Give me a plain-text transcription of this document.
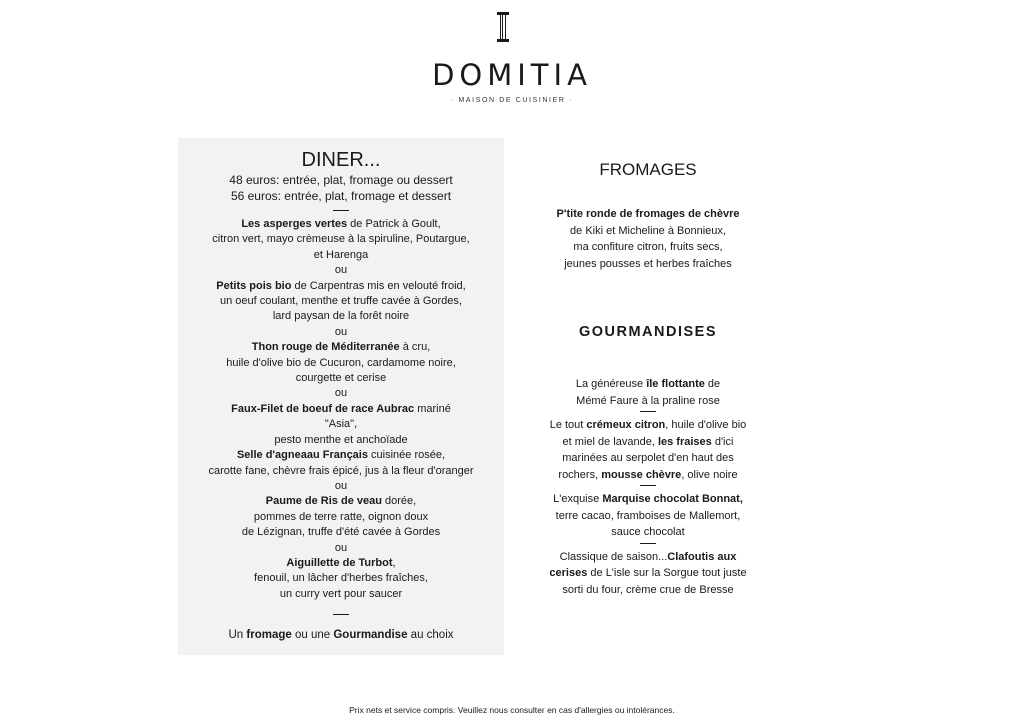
DOMITIA
· MAISON DE CUISINIER ·
DINER...

48 euros: entrée, plat, fromage ou dessert

56 euros: entrée, plat, fromage et dessert

Les asperges vertes de Patrick à Goult,

citron vert, mayo crèmeuse à la spiruline, Poutargue,

et Harenga

ou

Petits pois bio de Carpentras mis en velouté froid,

un oeuf coulant, menthe et truffe cavée à Gordes,

lard paysan de la forêt noire

ou

Thon rouge de Méditerranée à cru,

huile d'olive bio de Cucuron, cardamome noire,

courgette et cerise

ou

Faux-Filet de boeuf de race Aubrac mariné

"Asia",

pesto menthe et anchoïade

Selle d'agneaau Français cuisinée rosée,

carotte fane, chèvre frais épicé, jus à la fleur d'oranger

ou

Paume de Ris de veau dorée,

pommes de terre ratte, oignon doux

de Lézignan, truffe d'été cavée à Gordes

ou

Aiguillette de Turbot,

fenouil, un lâcher d'herbes fraîches,

un curry vert pour saucer

Un fromage ou une Gourmandise au choix

FROMAGES

P'tite ronde de fromages de chèvre

de Kiki et Micheline à Bonnieux,

ma confiture citron, fruits secs,

jeunes pousses et herbes fraîches

GOURMANDISES

La généreuse île flottante de

Mémé Faure à la praline rose

Le tout crémeux citron, huile d'olive bio

et miel de lavande, les fraises d'ici

marinées au serpolet d'en haut des

rochers, mousse chèvre, olive noire

L'exquise Marquise chocolat Bonnat,

terre cacao, framboises de Mallemort,

sauce chocolat

Classique de saison...Clafoutis aux

cerises de L'isle sur la Sorgue tout juste

sorti du four, crème crue de Bresse

Prix nets et service compris. Veuillez nous consulter en cas d'allergies ou intolérances.
